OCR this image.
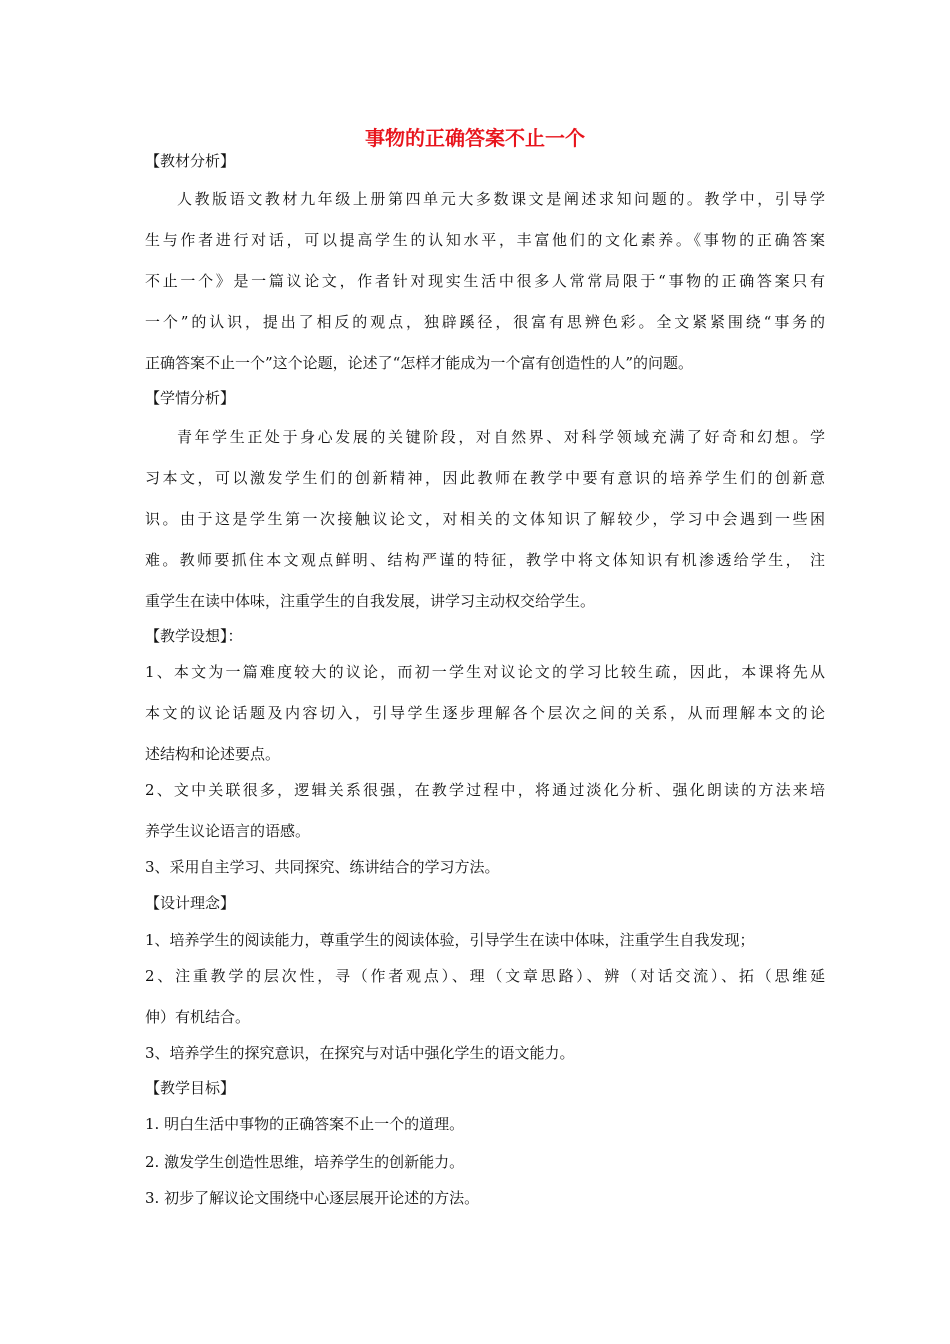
事物的正确答案不止一个
【教材分析】
人教版语文教材九年级上册第四单元大多数课文是阐述求知问题的。教学中，引导学
生与作者进行对话，可以提高学生的认知水平，丰富他们的文化素养。《事物的正确答案
不止一个》是一篇议论文，作者针对现实生活中很多人常常局限于“事物的正确答案只有
一个”的认识，提出了相反的观点，独辟蹊径，很富有思辨色彩。全文紧紧围绕“事务的
正确答案不止一个”这个论题，论述了“怎样才能成为一个富有创造性的人”的问题。
【学情分析】
青年学生正处于身心发展的关键阶段，对自然界、对科学领域充满了好奇和幻想。学
习本文，可以激发学生们的创新精神，因此教师在教学中要有意识的培养学生们的创新意
识。由于这是学生第一次接触议论文，对相关的文体知识了解较少，学习中会遇到一些困
难。教师要抓住本文观点鲜明、结构严谨的特征，教学中将文体知识有机渗透给学生， 注
重学生在读中体味，注重学生的自我发展，讲学习主动权交给学生。
【教学设想】：
1、本文为一篇难度较大的议论，而初一学生对议论文的学习比较生疏，因此，本课将先从
本文的议论话题及内容切入，引导学生逐步理解各个层次之间的关系，从而理解本文的论
述结构和论述要点。
2、文中关联很多，逻辑关系很强，在教学过程中，将通过淡化分析、强化朗读的方法来培
养学生议论语言的语感。
3、采用自主学习、共同探究、练讲结合的学习方法。
【设计理念】
1、培养学生的阅读能力，尊重学生的阅读体验，引导学生在读中体味，注重学生自我发现；
2、注重教学的层次性，寻（作者观点）、理（文章思路）、辨（对话交流）、拓（思维延
伸）有机结合。
3、培养学生的探究意识，在探究与对话中强化学生的语文能力。
【教学目标】
1. 明白生活中事物的正确答案不止一个的道理。
2. 激发学生创造性思维，培养学生的创新能力。
3. 初步了解议论文围绕中心逐层展开论述的方法。
